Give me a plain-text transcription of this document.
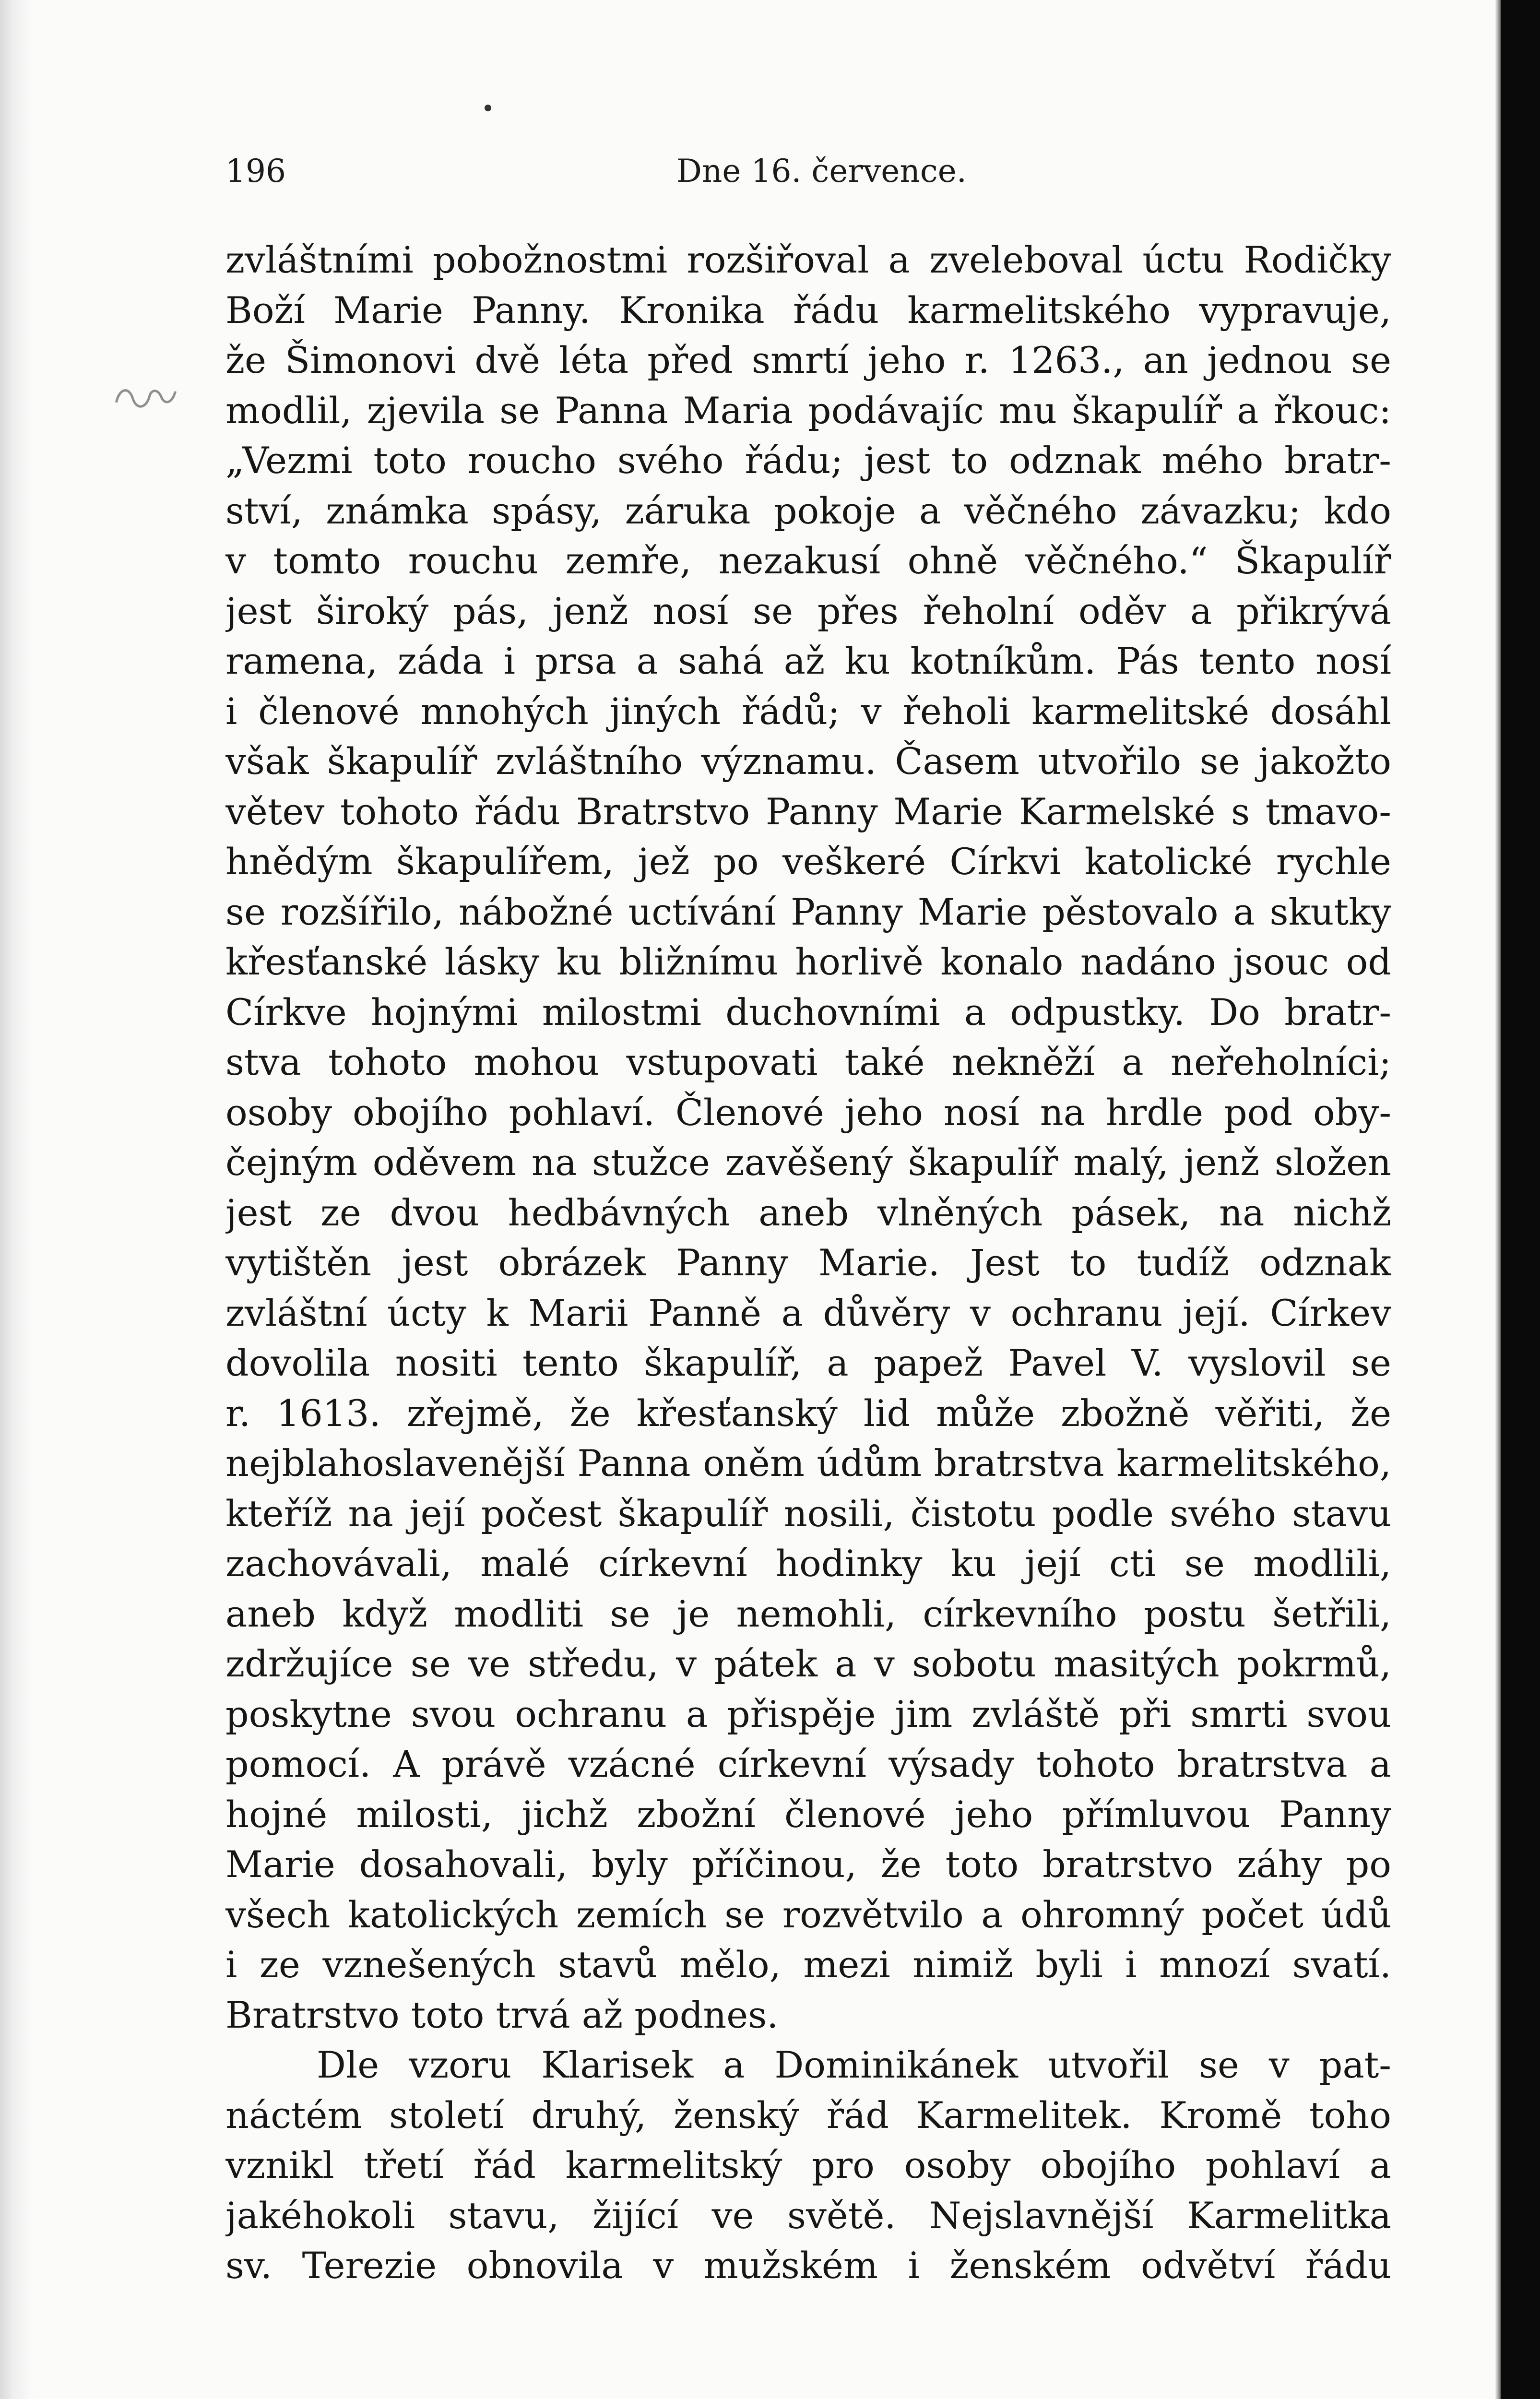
196	Dne 16. července.
zvláštními pobožnostmi rozšiřoval a zveleboval úctu Rodičky
Boží Marie Panny. Kronika řádu karmelitského vypravuje,
že Šimonovi dvě léta před smrtí jeho r. 1263., an jednou se
modlil, zjevila se Panna Maria podávajíc mu škapulíř a řkouc:
„Vezmi toto roucho svého řádu; jest to odznak mého bratr-
ství, známka spásy, záruka pokoje a věčného závazku; kdo
v tomto rouchu zemře, nezakusí ohně věčného.“ Škapulíř
jest široký pás, jenž nosí se přes řeholní oděv a přikrývá
ramena, záda i prsa a sahá až ku kotníkům. Pás tento nosí
i členové mnohých jiných řádů; v řeholi karmelitské dosáhl
však škapulíř zvláštního významu. Časem utvořilo se jakožto
větev tohoto řádu Bratrstvo Panny Marie Karmelské s tmavo-
hnědým škapulířem, jež po veškeré Církvi katolické rychle
se rozšířilo, nábožné uctívání Panny Marie pěstovalo a skutky
křesťanské lásky ku bližnímu horlivě konalo nadáno jsouc od
Církve hojnými milostmi duchovními a odpustky. Do bratr-
stva tohoto mohou vstupovati také nekněží a neřeholníci;
osoby obojího pohlaví. Členové jeho nosí na hrdle pod oby-
čejným oděvem na stužce zavěšený škapulíř malý, jenž složen
jest ze dvou hedbávných aneb vlněných pásek, na nichž
vytištěn jest obrázek Panny Marie. Jest to tudíž odznak
zvláštní úcty k Marii Panně a důvěry v ochranu její. Církev
dovolila nositi tento škapulíř, a papež Pavel V. vyslovil se
r. 1613. zřejmě, že křesťanský lid může zbožně věřiti, že
nejblahoslavenější Panna oněm údům bratrstva karmelitského,
kteříž na její počest škapulíř nosili, čistotu podle svého stavu
zachovávali, malé církevní hodinky ku její cti se modlili,
aneb když modliti se je nemohli, církevního postu šetřili,
zdržujíce se ve středu, v pátek a v sobotu masitých pokrmů,
poskytne svou ochranu a přispěje jim zvláště při smrti svou
pomocí. A právě vzácné církevní výsady tohoto bratrstva a
hojné milosti, jichž zbožní členové jeho přímluvou Panny
Marie dosahovali, byly příčinou, že toto bratrstvo záhy po
všech katolických zemích se rozvětvilo a ohromný počet údů
i ze vznešených stavů mělo, mezi nimiž byli i mnozí svatí.
Bratrstvo toto trvá až podnes.
Dle vzoru Klarisek a Dominikánek utvořil se v pat-
náctém století druhý, ženský řád Karmelitek. Kromě toho
vznikl třetí řád karmelitský pro osoby obojího pohlaví a
jakéhokoli stavu, žijící ve světě. Nejslavnější Karmelitka
sv. Terezie obnovila v mužském i ženském odvětví řádu
